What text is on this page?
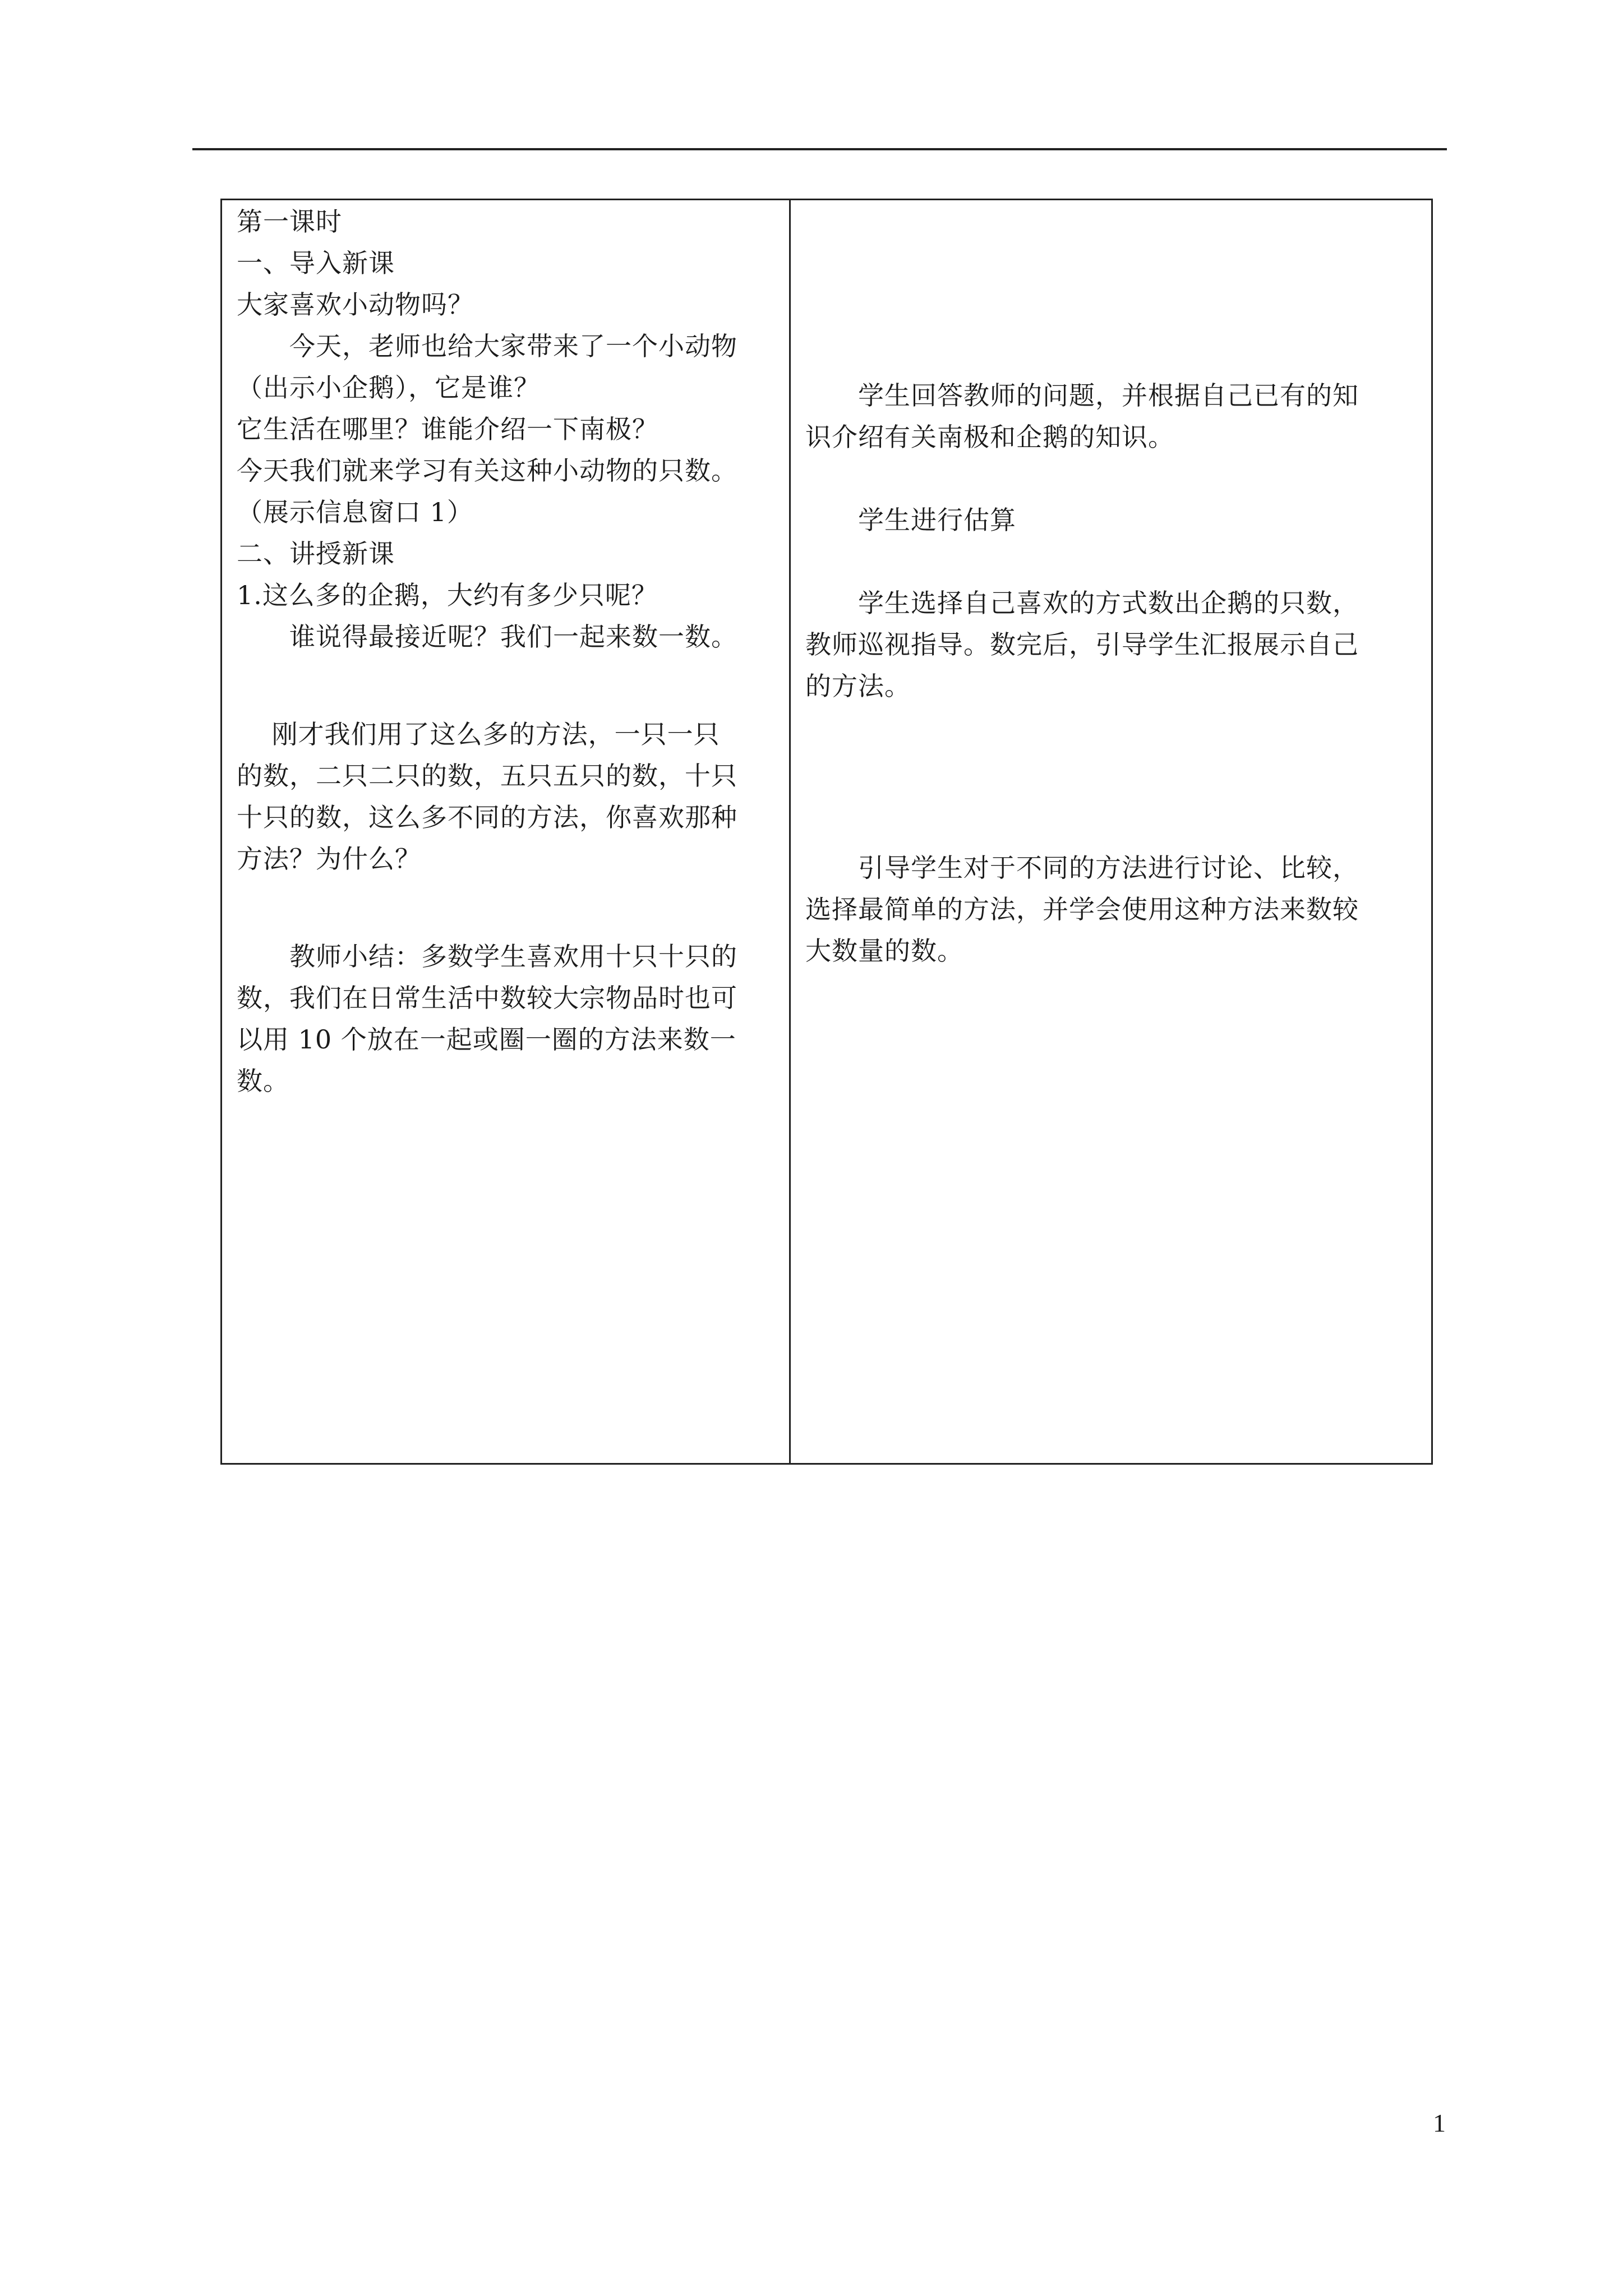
第一课时
一、导入新课
大家喜欢小动物吗？
　　今天，老师也给大家带来了一个小动物
（出示小企鹅），它是谁？
它生活在哪里？谁能介绍一下南极？
今天我们就来学习有关这种小动物的只数。
（展示信息窗口 1）
二、讲授新课
1.这么多的企鹅，大约有多少只呢？
　　谁说得最接近呢？我们一起来数一数。
　 刚才我们用了这么多的方法，一只一只
的数，二只二只的数，五只五只的数，十只
十只的数，这么多不同的方法，你喜欢那种
方法？为什么？
　　教师小结：多数学生喜欢用十只十只的
数，我们在日常生活中数较大宗物品时也可
以用 10 个放在一起或圈一圈的方法来数一
数。
　　学生回答教师的问题，并根据自己已有的知
识介绍有关南极和企鹅的知识。
　　学生进行估算
　　学生选择自己喜欢的方式数出企鹅的只数，
教师巡视指导。数完后，引导学生汇报展示自己
的方法。
　　引导学生对于不同的方法进行讨论、比较，
选择最简单的方法，并学会使用这种方法来数较
大数量的数。
1
